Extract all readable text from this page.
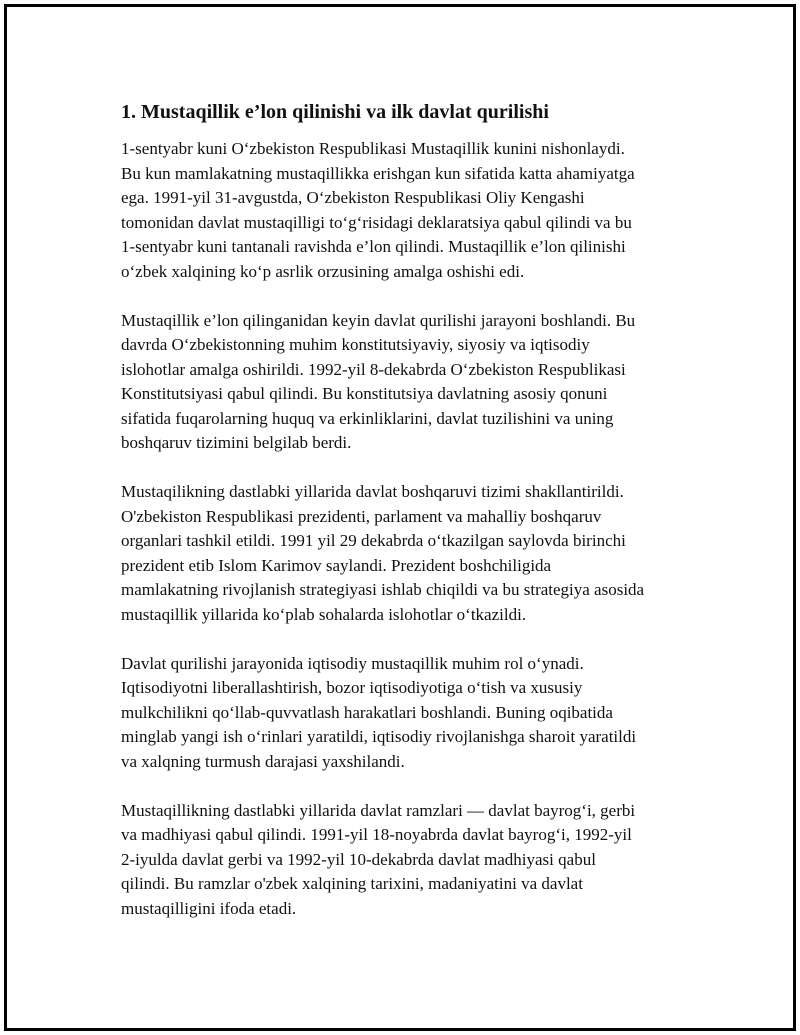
1. Mustaqillik e’lon qilinishi va ilk davlat qurilishi
1-sentyabr kuni O‘zbekiston Respublikasi Mustaqillik kunini nishonlaydi.
Bu kun mamlakatning mustaqillikka erishgan kun sifatida katta ahamiyatga
ega. 1991-yil 31-avgustda, O‘zbekiston Respublikasi Oliy Kengashi
tomonidan davlat mustaqilligi to‘g‘risidagi deklaratsiya qabul qilindi va bu
1-sentyabr kuni tantanali ravishda e’lon qilindi. Mustaqillik e’lon qilinishi
o‘zbek xalqining ko‘p asrlik orzusining amalga oshishi edi.
Mustaqillik e’lon qilinganidan keyin davlat qurilishi jarayoni boshlandi. Bu
davrda O‘zbekistonning muhim konstitutsiyaviy, siyosiy va iqtisodiy
islohotlar amalga oshirildi. 1992-yil 8-dekabrda O‘zbekiston Respublikasi
Konstitutsiyasi qabul qilindi. Bu konstitutsiya davlatning asosiy qonuni
sifatida fuqarolarning huquq va erkinliklarini, davlat tuzilishini va uning
boshqaruv tizimini belgilab berdi.
Mustaqilikning dastlabki yillarida davlat boshqaruvi tizimi shakllantirildi.
O'zbekiston Respublikasi prezidenti, parlament va mahalliy boshqaruv
organlari tashkil etildi. 1991 yil 29 dekabrda o‘tkazilgan saylovda birinchi
prezident etib Islom Karimov saylandi. Prezident boshchiligida
mamlakatning rivojlanish strategiyasi ishlab chiqildi va bu strategiya asosida
mustaqillik yillarida ko‘plab sohalarda islohotlar o‘tkazildi.
Davlat qurilishi jarayonida iqtisodiy mustaqillik muhim rol o‘ynadi.
Iqtisodiyotni liberallashtirish, bozor iqtisodiyotiga o‘tish va xususiy
mulkchilikni qo‘llab-quvvatlash harakatlari boshlandi. Buning oqibatida
minglab yangi ish o‘rinlari yaratildi, iqtisodiy rivojlanishga sharoit yaratildi
va xalqning turmush darajasi yaxshilandi.
Mustaqillikning dastlabki yillarida davlat ramzlari — davlat bayrog‘i, gerbi
va madhiyasi qabul qilindi. 1991-yil 18-noyabrda davlat bayrog‘i, 1992-yil
2-iyulda davlat gerbi va 1992-yil 10-dekabrda davlat madhiyasi qabul
qilindi. Bu ramzlar o'zbek xalqining tarixini, madaniyatini va davlat
mustaqilligini ifoda etadi.
